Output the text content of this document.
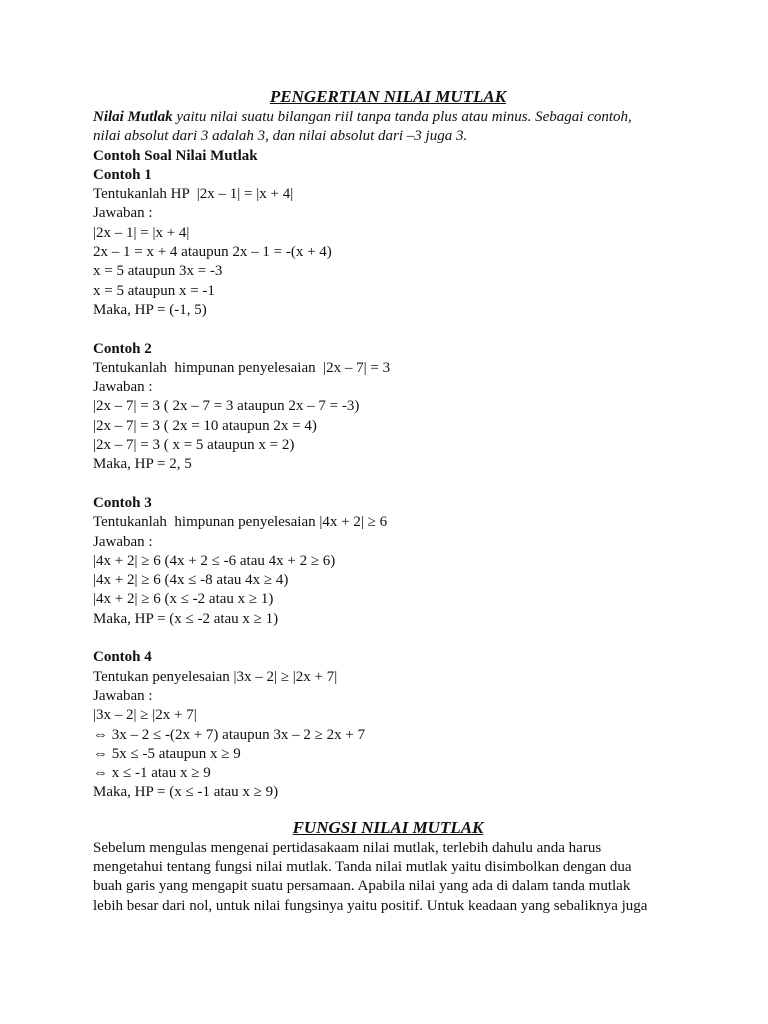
PENGERTIAN NILAI MUTLAK
Nilai Mutlak yaitu nilai suatu bilangan riil tanpa tanda plus atau minus. Sebagai contoh,
nilai absolut dari 3 adalah 3, dan nilai absolut dari –3 juga 3.
Contoh Soal Nilai Mutlak
Contoh 1
Tentukanlah HP  |2x – 1| = |x + 4|
Jawaban :
|2x – 1| = |x + 4|
2x – 1 = x + 4 ataupun 2x – 1 = -(x + 4)
x = 5 ataupun 3x = -3
x = 5 ataupun x = -1
Maka, HP = (-1, 5)
Contoh 2
Tentukanlah  himpunan penyelesaian  |2x – 7| = 3
Jawaban :
|2x – 7| = 3 ( 2x – 7 = 3 ataupun 2x – 7 = -3)
|2x – 7| = 3 ( 2x = 10 ataupun 2x = 4)
|2x – 7| = 3 ( x = 5 ataupun x = 2)
Maka, HP = 2, 5
Contoh 3
Tentukanlah  himpunan penyelesaian |4x + 2| ≥ 6
Jawaban :
|4x + 2| ≥ 6 (4x + 2 ≤ -6 atau 4x + 2 ≥ 6)
|4x + 2| ≥ 6 (4x ≤ -8 atau 4x ≥ 4)
|4x + 2| ≥ 6 (x ≤ -2 atau x ≥ 1)
Maka, HP = (x ≤ -2 atau x ≥ 1)
Contoh 4
Tentukan penyelesaian |3x – 2| ≥ |2x + 7|
Jawaban :
|3x – 2| ≥ |2x + 7|
⇔ 3x – 2 ≤ -(2x + 7) ataupun 3x – 2 ≥ 2x + 7
⇔ 5x ≤ -5 ataupun x ≥ 9
⇔ x ≤ -1 atau x ≥ 9
Maka, HP = (x ≤ -1 atau x ≥ 9)
FUNGSI NILAI MUTLAK
Sebelum mengulas mengenai pertidasakaam nilai mutlak, terlebih dahulu anda harus
mengetahui tentang fungsi nilai mutlak. Tanda nilai mutlak yaitu disimbolkan dengan dua
buah garis yang mengapit suatu persamaan. Apabila nilai yang ada di dalam tanda mutlak
lebih besar dari nol, untuk nilai fungsinya yaitu positif. Untuk keadaan yang sebaliknya juga
